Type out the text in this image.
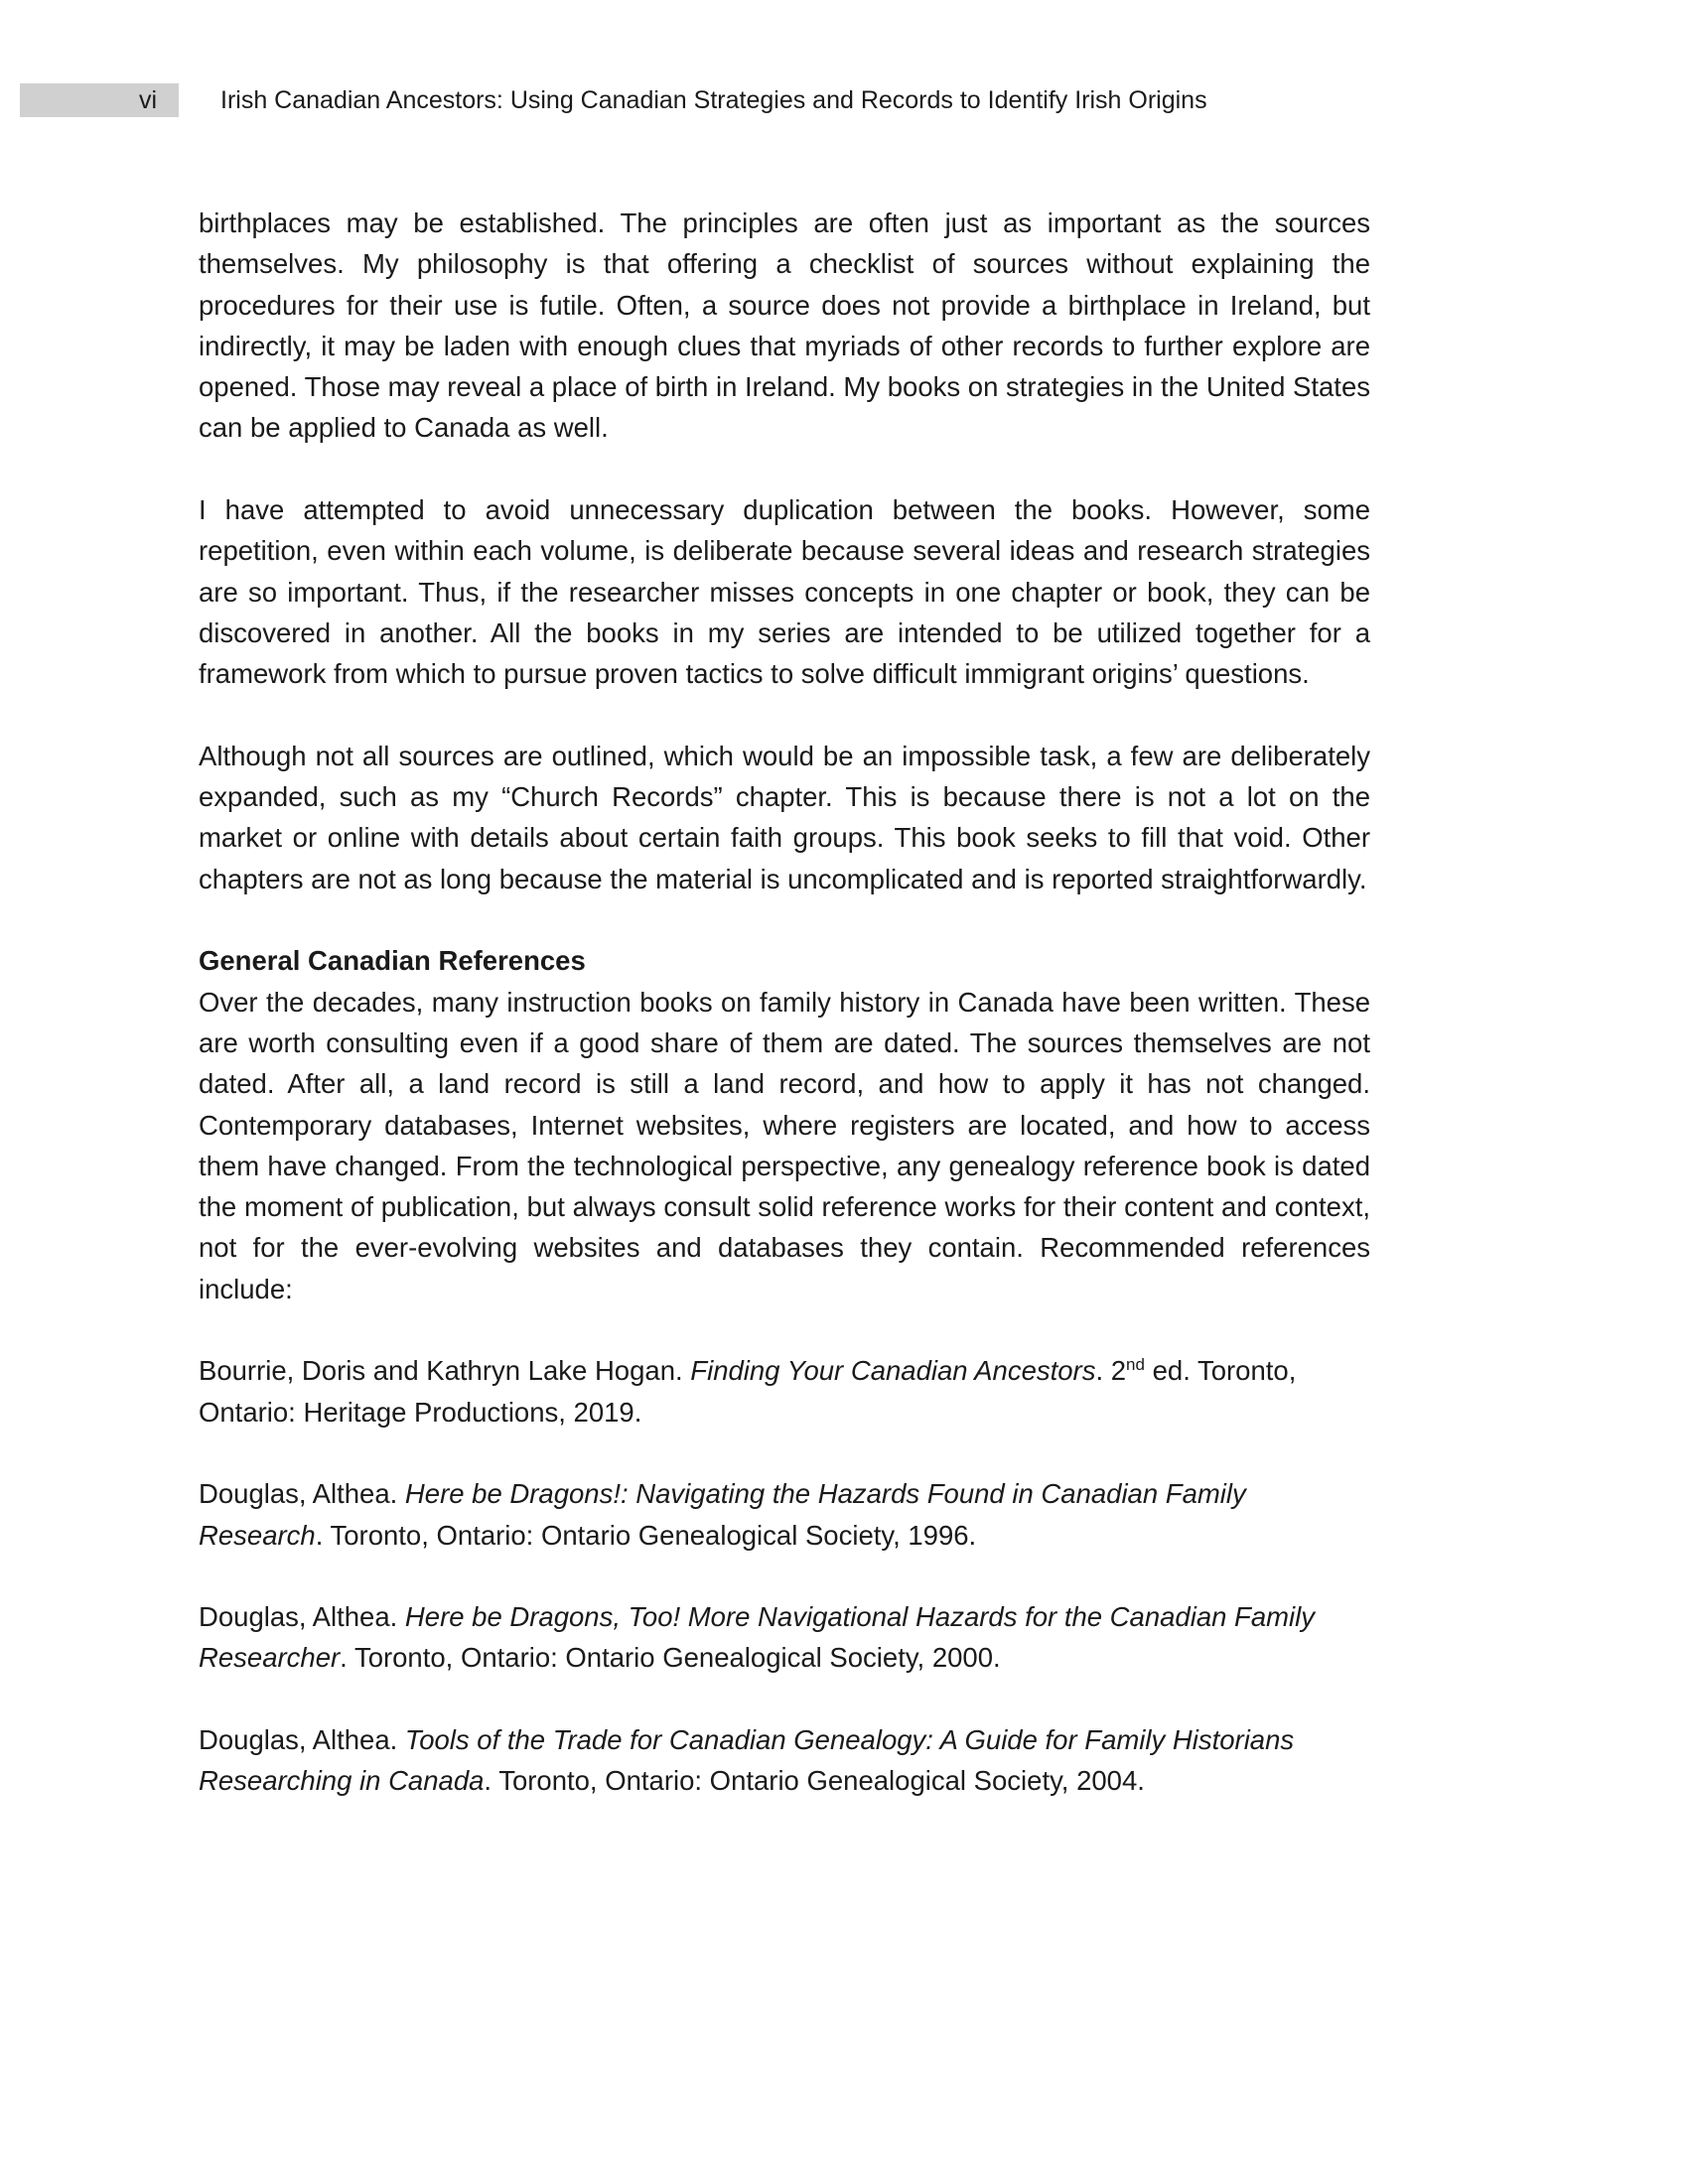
vi	Irish Canadian Ancestors: Using Canadian Strategies and Records to Identify Irish Origins

birthplaces may be established. The principles are often just as important as the sources themselves. My philosophy is that offering a checklist of sources without explaining the procedures for their use is futile. Often, a source does not provide a birthplace in Ireland, but indirectly, it may be laden with enough clues that myriads of other records to further explore are opened. Those may reveal a place of birth in Ireland. My books on strategies in the United States can be applied to Canada as well.

I have attempted to avoid unnecessary duplication between the books. However, some repetition, even within each volume, is deliberate because several ideas and research strategies are so important. Thus, if the researcher misses concepts in one chapter or book, they can be discovered in another. All the books in my series are intended to be utilized together for a framework from which to pursue proven tactics to solve difficult immigrant origins’ questions.

Although not all sources are outlined, which would be an impossible task, a few are deliberately expanded, such as my “Church Records” chapter. This is because there is not a lot on the market or online with details about certain faith groups. This book seeks to fill that void. Other chapters are not as long because the material is uncomplicated and is reported straightforwardly.

General Canadian References

Over the decades, many instruction books on family history in Canada have been written. These are worth consulting even if a good share of them are dated. The sources themselves are not dated. After all, a land record is still a land record, and how to apply it has not changed. Contemporary databases, Internet websites, where registers are located, and how to access them have changed. From the technological perspective, any genealogy reference book is dated the moment of publication, but always consult solid reference works for their content and context, not for the ever-evolving websites and databases they contain. Recommended references include:

Bourrie, Doris and Kathryn Lake Hogan. Finding Your Canadian Ancestors. 2nd ed. Toronto, Ontario: Heritage Productions, 2019.

Douglas, Althea. Here be Dragons!: Navigating the Hazards Found in Canadian Family Research. Toronto, Ontario: Ontario Genealogical Society, 1996.

Douglas, Althea. Here be Dragons, Too! More Navigational Hazards for the Canadian Family Researcher. Toronto, Ontario: Ontario Genealogical Society, 2000.

Douglas, Althea. Tools of the Trade for Canadian Genealogy: A Guide for Family Historians Researching in Canada. Toronto, Ontario: Ontario Genealogical Society, 2004.
